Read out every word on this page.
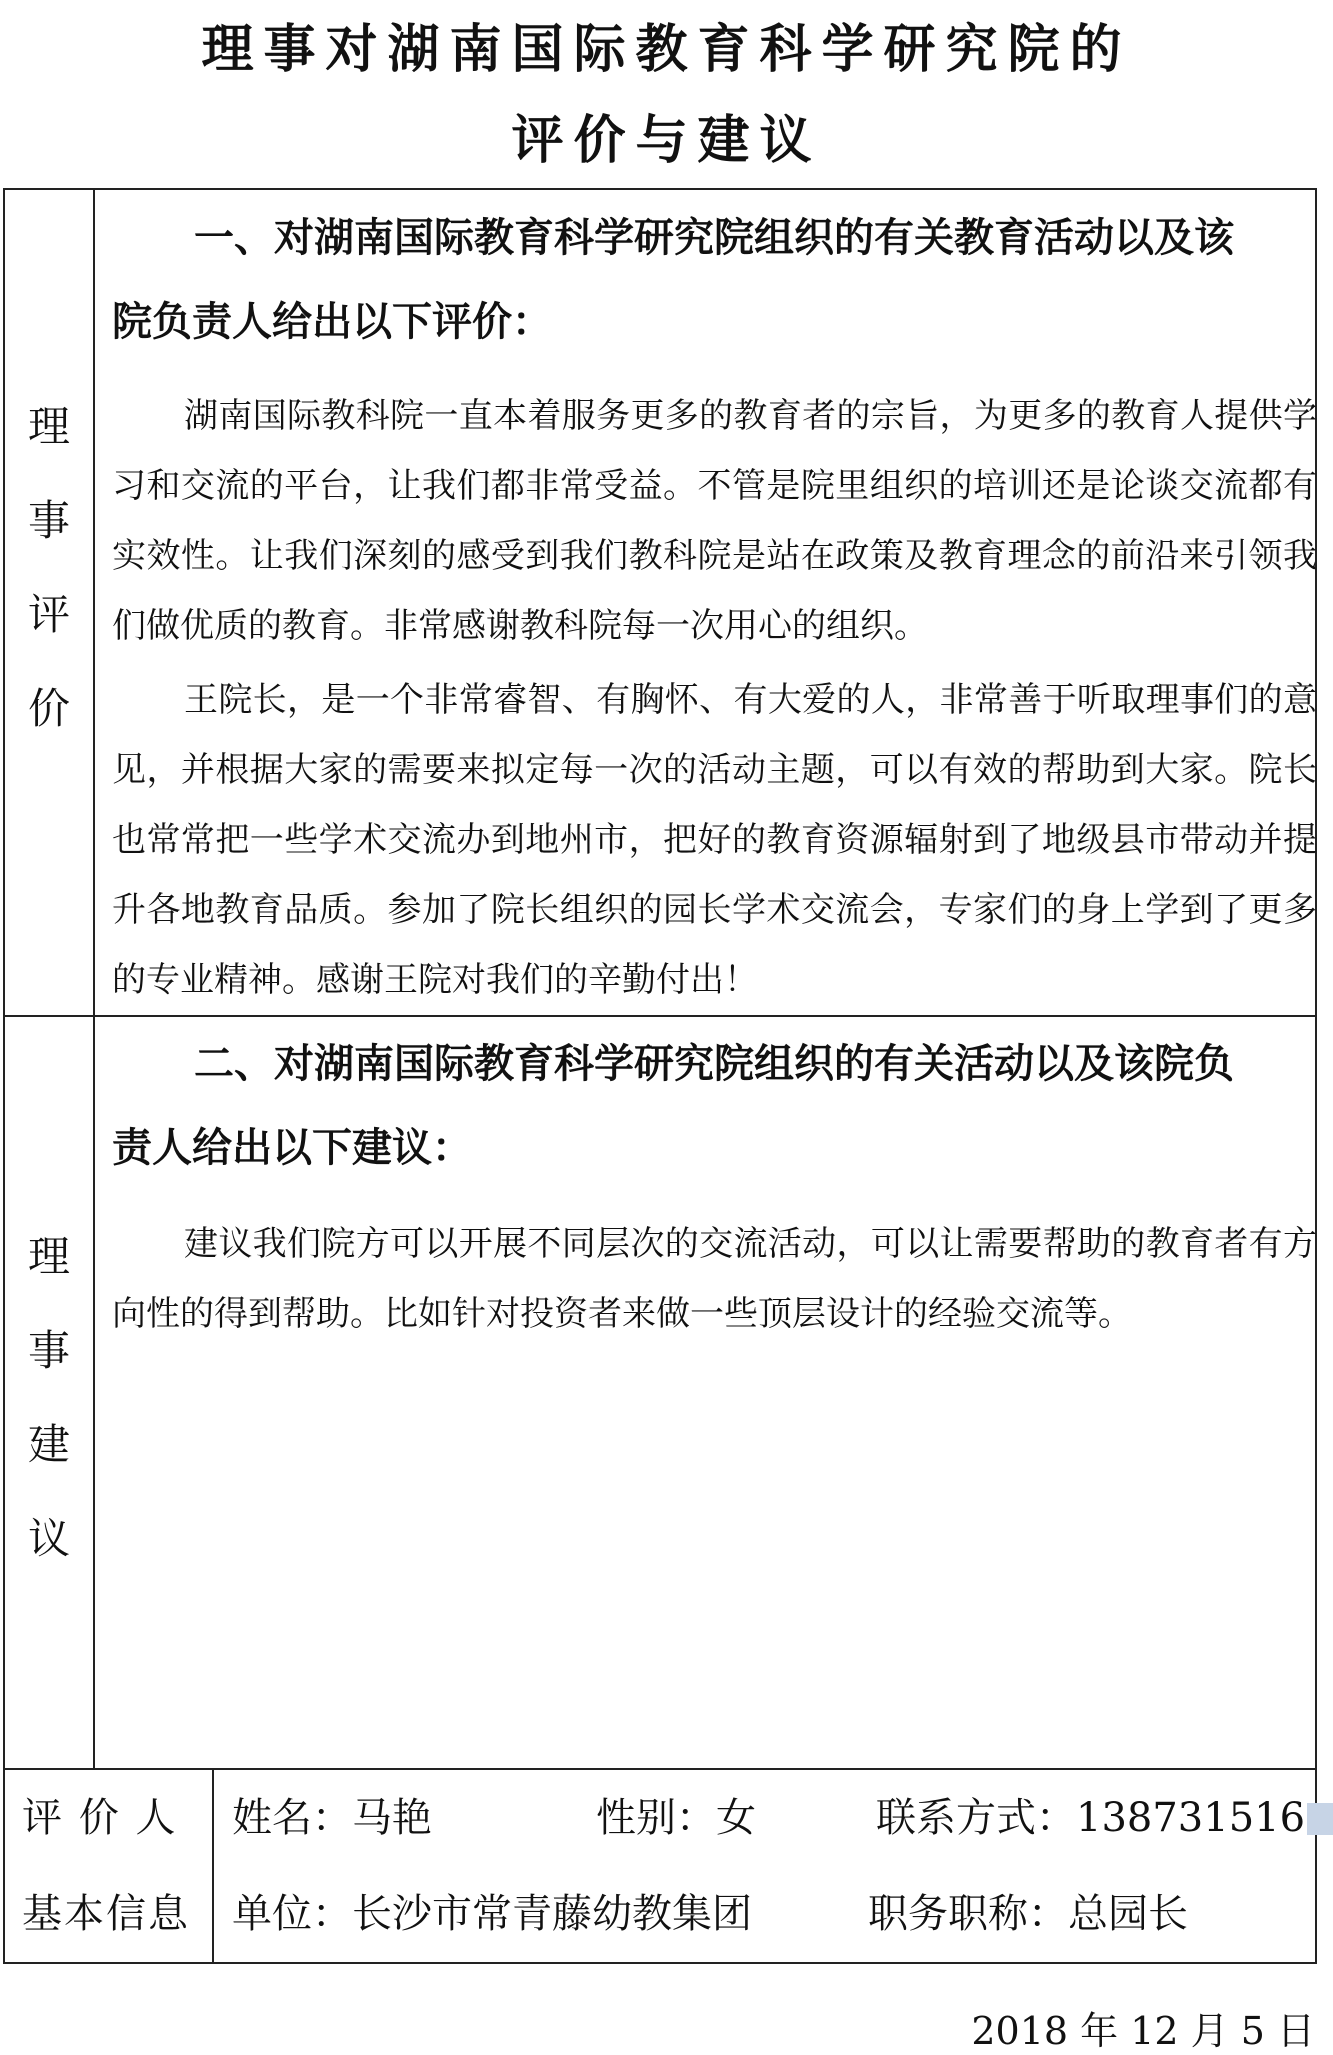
理事对湖南国际教育科学研究院的
评价与建议
理
事
评
价
一、对湖南国际教育科学研究院组织的有关教育活动以及该
院负责人给出以下评价：
湖南国际教科院一直本着服务更多的教育者的宗旨，为更多的教育人提供学习和交流的平台，让我们都非常受益。不管是院里组织的培训还是论谈交流都有实效性。让我们深刻的感受到我们教科院是站在政策及教育理念的前沿来引领我们做优质的教育。非常感谢教科院每一次用心的组织。
王院长，是一个非常睿智、有胸怀、有大爱的人，非常善于听取理事们的意见，并根据大家的需要来拟定每一次的活动主题，可以有效的帮助到大家。院长也常常把一些学术交流办到地州市，把好的教育资源辐射到了地级县市带动并提升各地教育品质。参加了院长组织的园长学术交流会，专家们的身上学到了更多的专业精神。感谢王院对我们的辛勤付出！
理
事
建
议
二、对湖南国际教育科学研究院组织的有关活动以及该院负
责人给出以下建议：
建议我们院方可以开展不同层次的交流活动，可以让需要帮助的教育者有方向性的得到帮助。比如针对投资者来做一些顶层设计的经验交流等。
评 价 人 姓名：马艳	性别：女	联系方式：138731516
基本信息 单位：长沙市常青藤幼教集团	职务职称：总园长
2018 年 12 月 5 日
